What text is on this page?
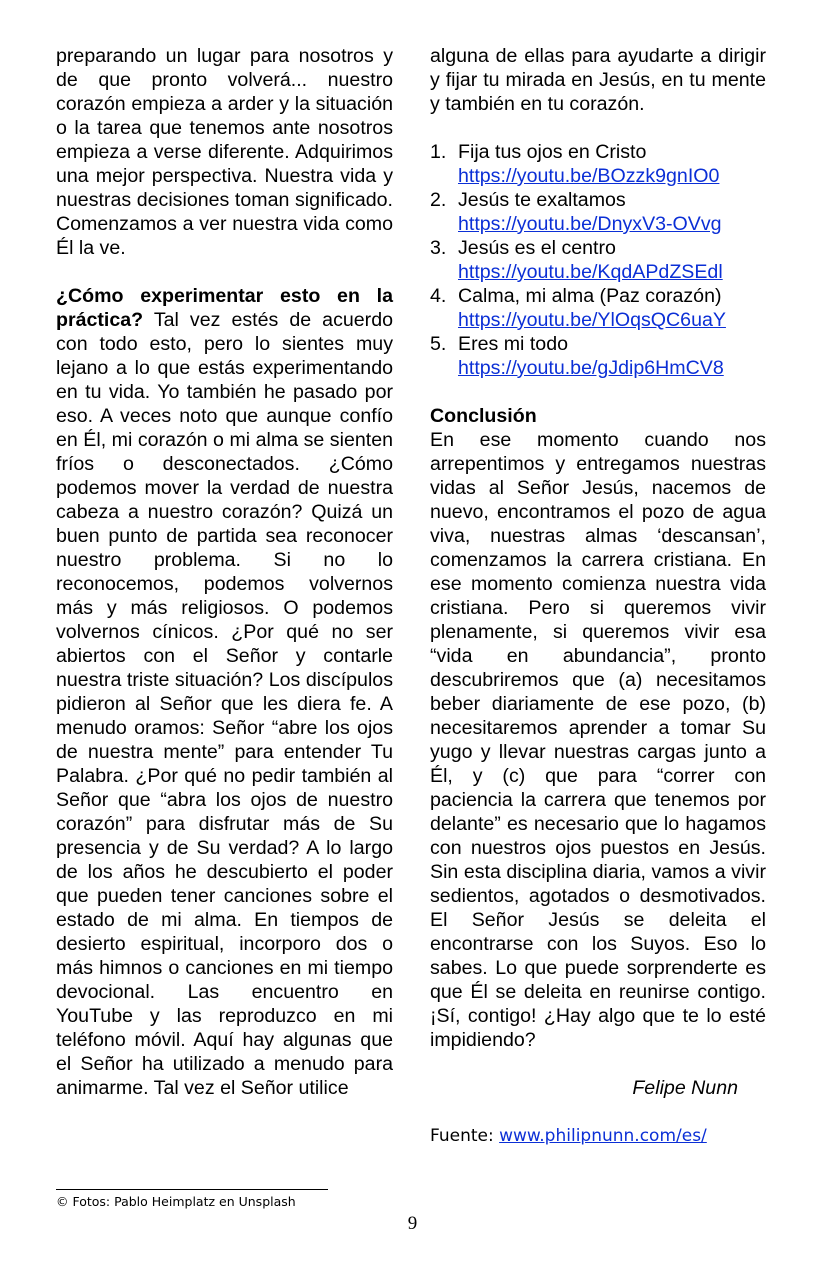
preparando un lugar para nosotros y de que pronto volverá... nuestro corazón empieza a arder y la situación o la tarea que tenemos ante nosotros empieza a verse diferente. Adquirimos una mejor perspectiva. Nuestra vida y nuestras decisiones toman significado. Comenzamos a ver nuestra vida como Él la ve.

¿Cómo experimentar esto en la práctica? Tal vez estés de acuerdo con todo esto, pero lo sientes muy lejano a lo que estás experimentando en tu vida. Yo también he pasado por eso. A veces noto que aunque confío en Él, mi corazón o mi alma se sienten fríos o desconectados. ¿Cómo podemos mover la verdad de nuestra cabeza a nuestro corazón? Quizá un buen punto de partida sea reconocer nuestro problema. Si no lo reconocemos, podemos volvernos más y más religiosos. O podemos volvernos cínicos. ¿Por qué no ser abiertos con el Señor y contarle nuestra triste situación? Los discípulos pidieron al Señor que les diera fe. A menudo oramos: Señor “abre los ojos de nuestra mente” para entender Tu Palabra. ¿Por qué no pedir también al Señor que “abra los ojos de nuestro corazón” para disfrutar más de Su presencia y de Su verdad? A lo largo de los años he descubierto el poder que pueden tener canciones sobre el estado de mi alma. En tiempos de desierto espiritual, incorporo dos o más himnos o canciones en mi tiempo devocional. Las encuentro en YouTube y las reproduzco en mi teléfono móvil. Aquí hay algunas que el Señor ha utilizado a menudo para animarme. Tal vez el Señor utilice

alguna de ellas para ayudarte a dirigir y fijar tu mirada en Jesús, en tu mente y también en tu corazón.

1. Fija tus ojos en Cristo
https://youtu.be/BOzzk9gnIO0
2. Jesús te exaltamos
https://youtu.be/DnyxV3-OVvg
3. Jesús es el centro
https://youtu.be/KqdAPdZSEdl
4. Calma, mi alma (Paz corazón)
https://youtu.be/YlOqsQC6uaY
5. Eres mi todo
https://youtu.be/gJdip6HmCV8
Conclusión

En ese momento cuando nos arrepentimos y entregamos nuestras vidas al Señor Jesús, nacemos de nuevo, encontramos el pozo de agua viva, nuestras almas ‘descansan’, comenzamos la carrera cristiana. En ese momento comienza nuestra vida cristiana. Pero si queremos vivir plenamente, si queremos vivir esa “vida en abundancia”, pronto descubriremos que (a) necesitamos beber diariamente de ese pozo, (b) necesitaremos aprender a tomar Su yugo y llevar nuestras cargas junto a Él, y (c) que para “correr con paciencia la carrera que tenemos por delante” es necesario que lo hagamos con nuestros ojos puestos en Jesús. Sin esta disciplina diaria, vamos a vivir sedientos, agotados o desmotivados. El Señor Jesús se deleita el encontrarse con los Suyos. Eso lo sabes. Lo que puede sorprenderte es que Él se deleita en reunirse contigo. ¡Sí, contigo! ¿Hay algo que te lo esté impidiendo?

Felipe Nunn

Fuente: www.philipnunn.com/es/

© Fotos: Pablo Heimplatz en Unsplash
9
